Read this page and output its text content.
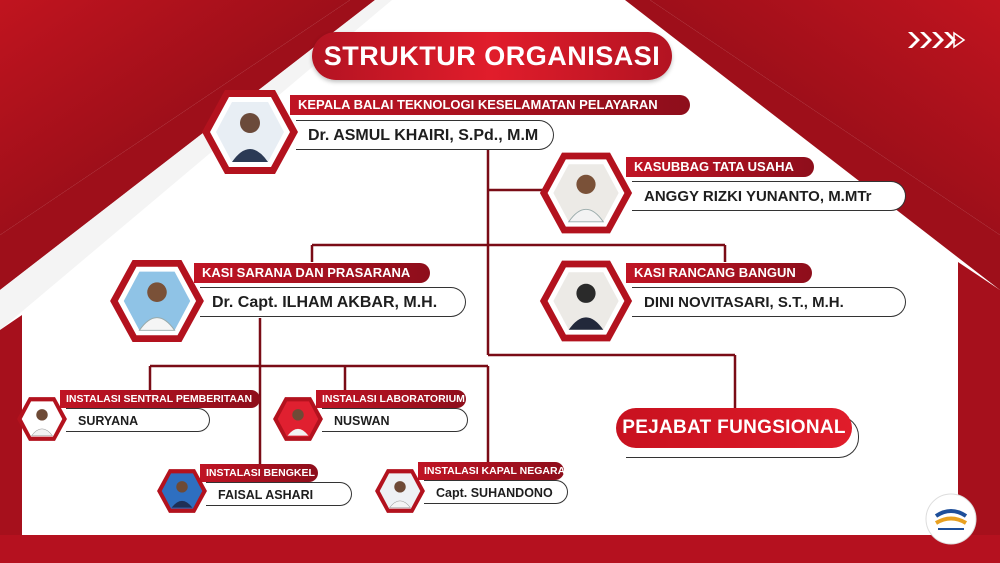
STRUKTUR ORGANISASI
KEPALA BALAI TEKNOLOGI KESELAMATAN PELAYARAN
Dr. ASMUL KHAIRI, S.Pd., M.M
KASUBBAG TATA USAHA
ANGGY RIZKI YUNANTO, M.MTr
KASI SARANA DAN PRASARANA
Dr. Capt. ILHAM AKBAR, M.H.
KASI RANCANG BANGUN
DINI NOVITASARI, S.T., M.H.
INSTALASI SENTRAL PEMBERITAAN
SURYANA
INSTALASI LABORATORIUM
NUSWAN
INSTALASI BENGKEL
FAISAL ASHARI
INSTALASI KAPAL NEGARA
Capt. SUHANDONO
PEJABAT FUNGSIONAL
